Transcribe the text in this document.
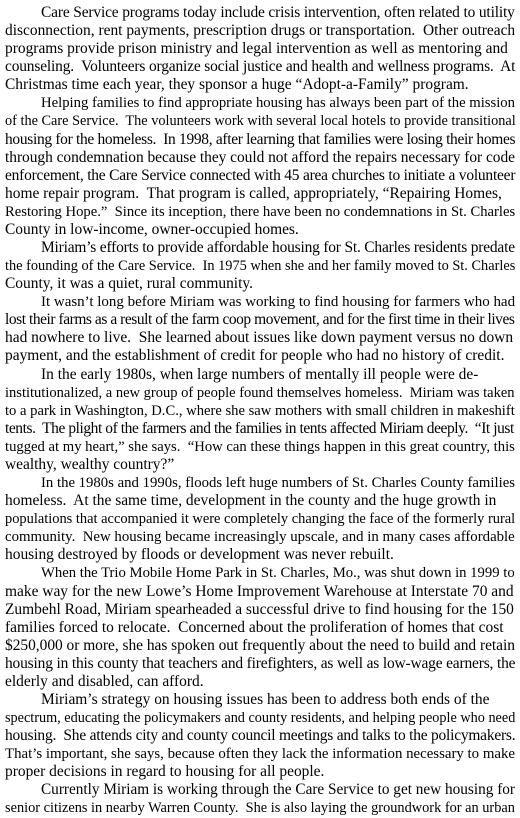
Care Service programs today include crisis intervention, often related to utility
disconnection, rent payments, prescription drugs or transportation.  Other outreach
programs provide prison ministry and legal intervention as well as mentoring and
counseling.  Volunteers organize social justice and health and wellness programs.  At
Christmas time each year, they sponsor a huge “Adopt-a-Family” program.
Helping families to find appropriate housing has always been part of the mission
of the Care Service.  The volunteers work with several local hotels to provide transitional
housing for the homeless.  In 1998, after learning that families were losing their homes
through condemnation because they could not afford the repairs necessary for code
enforcement, the Care Service connected with 45 area churches to initiate a volunteer
home repair program.  That program is called, appropriately, “Repairing Homes,
Restoring Hope.”  Since its inception, there have been no condemnations in St. Charles
County in low-income, owner-occupied homes.
Miriam’s efforts to provide affordable housing for St. Charles residents predate
the founding of the Care Service.  In 1975 when she and her family moved to St. Charles
County, it was a quiet, rural community.
It wasn’t long before Miriam was working to find housing for farmers who had
lost their farms as a result of the farm coop movement, and for the first time in their lives
had nowhere to live.  She learned about issues like down payment versus no down
payment, and the establishment of credit for people who had no history of credit.
In the early 1980s, when large numbers of mentally ill people were de-
institutionalized, a new group of people found themselves homeless.  Miriam was taken
to a park in Washington, D.C., where she saw mothers with small children in makeshift
tents.  The plight of the farmers and the families in tents affected Miriam deeply.  “It just
tugged at my heart,” she says.  “How can these things happen in this great country, this
wealthy, wealthy country?”
In the 1980s and 1990s, floods left huge numbers of St. Charles County families
homeless.  At the same time, development in the county and the huge growth in
populations that accompanied it were completely changing the face of the formerly rural
community.  New housing became increasingly upscale, and in many cases affordable
housing destroyed by floods or development was never rebuilt.
When the Trio Mobile Home Park in St. Charles, Mo., was shut down in 1999 to
make way for the new Lowe’s Home Improvement Warehouse at Interstate 70 and
Zumbehl Road, Miriam spearheaded a successful drive to find housing for the 150
families forced to relocate.  Concerned about the proliferation of homes that cost
$250,000 or more, she has spoken out frequently about the need to build and retain
housing in this county that teachers and firefighters, as well as low-wage earners, the
elderly and disabled, can afford.
Miriam’s strategy on housing issues has been to address both ends of the
spectrum, educating the policymakers and county residents, and helping people who need
housing.  She attends city and county council meetings and talks to the policymakers.
That’s important, she says, because often they lack the information necessary to make
proper decisions in regard to housing for all people.
Currently Miriam is working through the Care Service to get new housing for
senior citizens in nearby Warren County.  She is also laying the groundwork for an urban
